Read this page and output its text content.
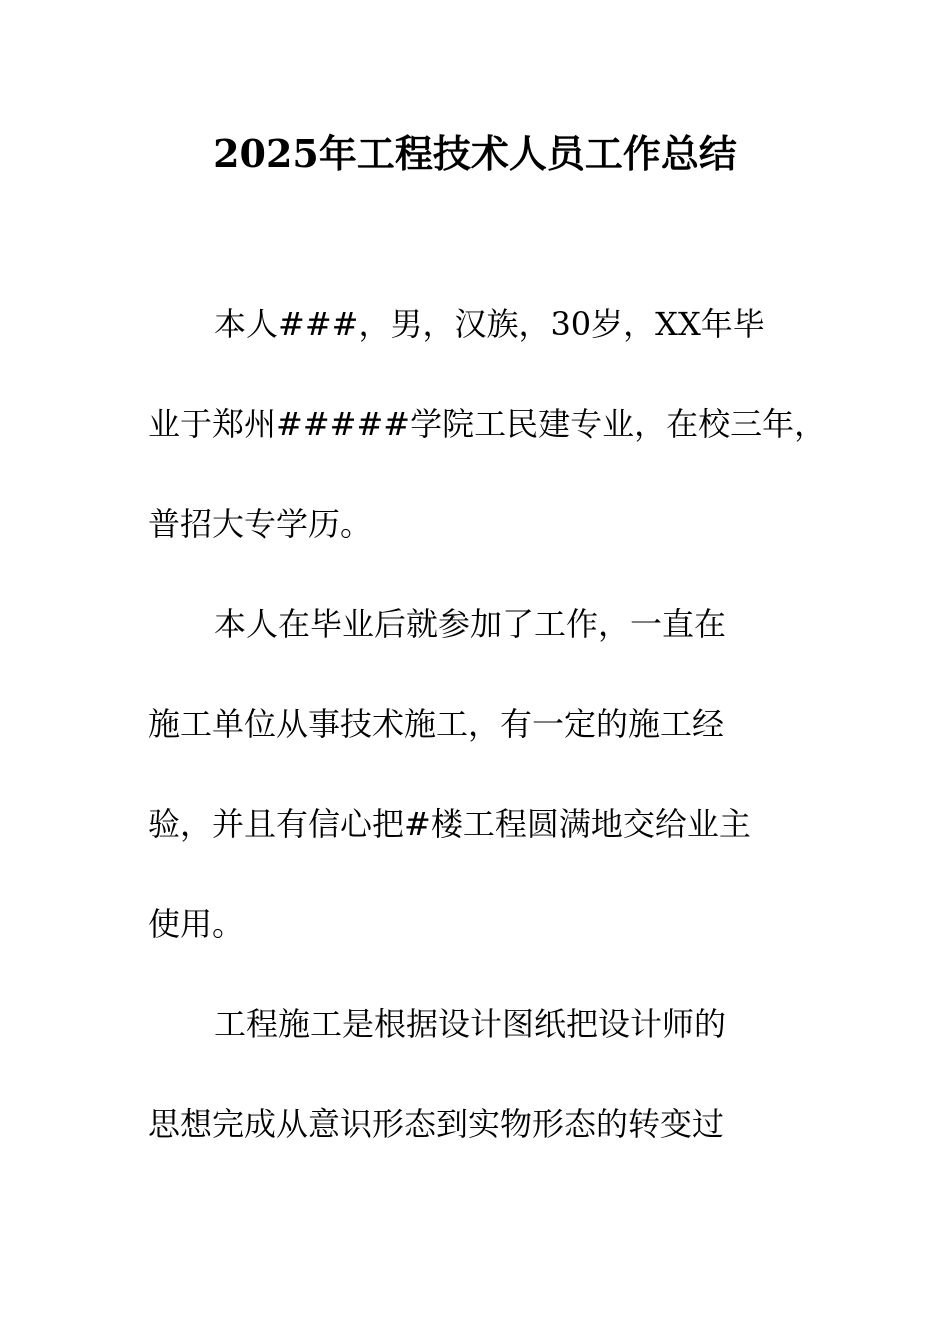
2025年工程技术人员工作总结
本人###，男，汉族，30岁，XX年毕
业于郑州#####学院工民建专业，在校三年，
普招大专学历。
本人在毕业后就参加了工作，一直在
施工单位从事技术施工，有一定的施工经
验，并且有信心把#楼工程圆满地交给业主
使用。
工程施工是根据设计图纸把设计师的
思想完成从意识形态到实物形态的转变过
